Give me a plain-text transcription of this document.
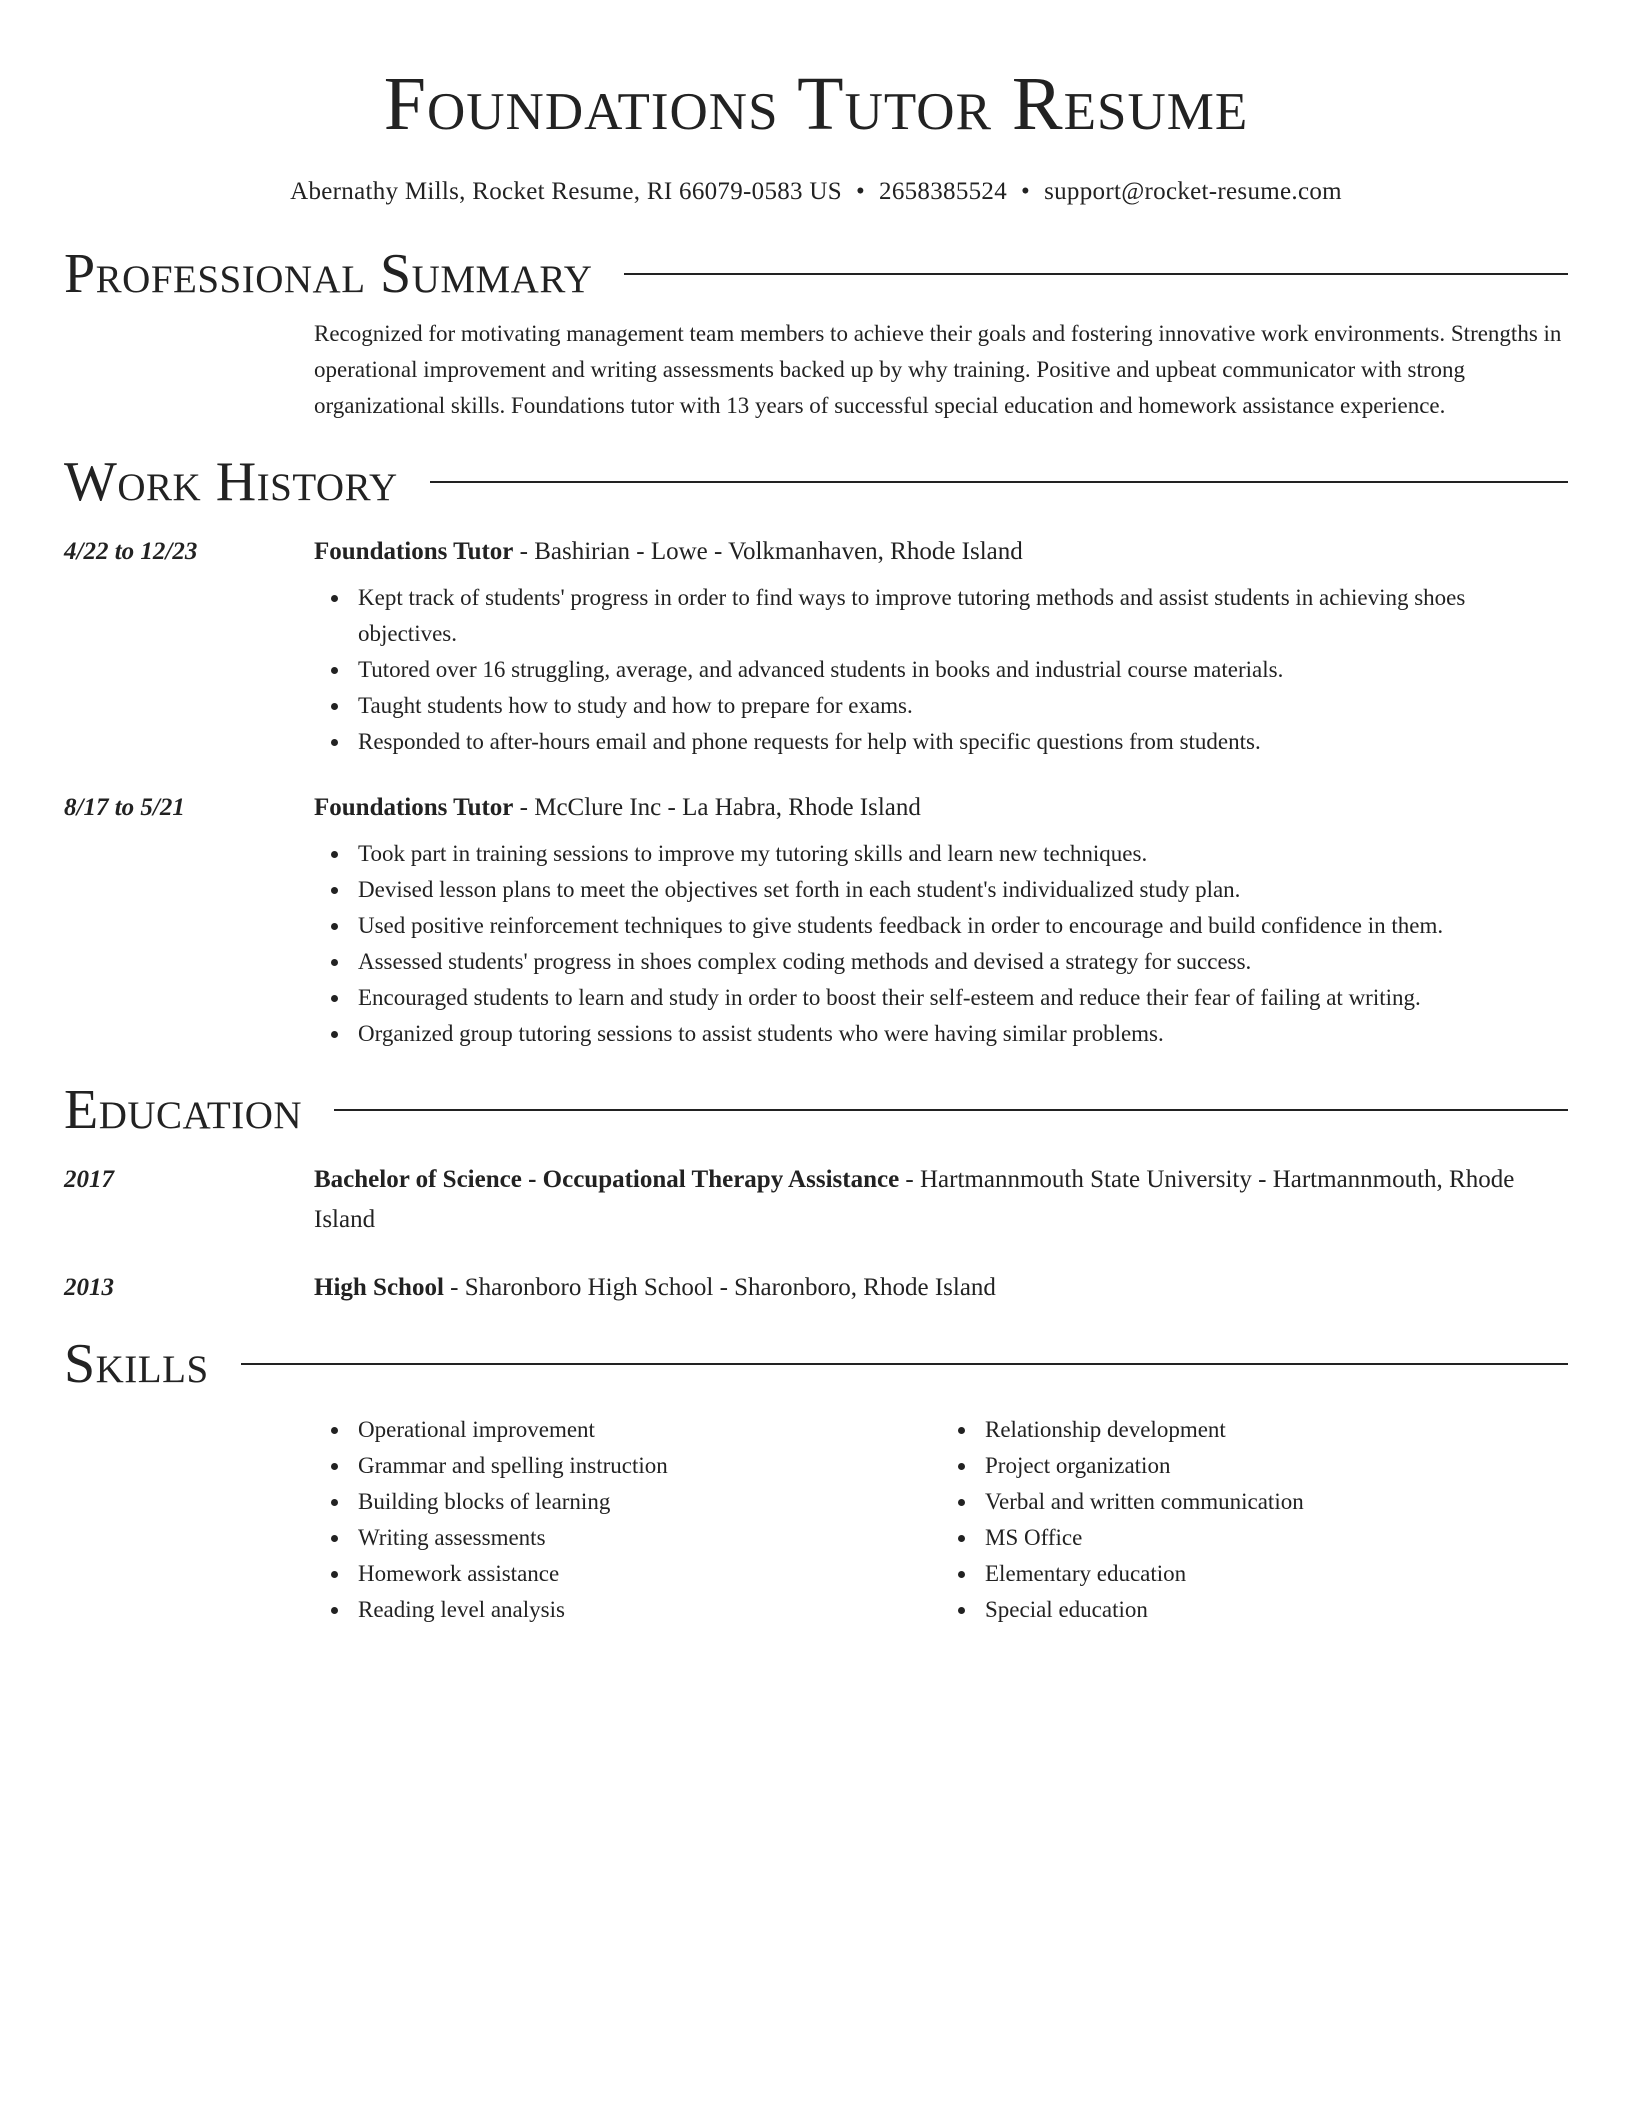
Foundations Tutor Resume
Abernathy Mills, Rocket Resume, RI 66079-0583 US • 2658385524 • support@rocket-resume.com
Professional Summary
Recognized for motivating management team members to achieve their goals and fostering innovative work environments. Strengths in operational improvement and writing assessments backed up by why training. Positive and upbeat communicator with strong organizational skills. Foundations tutor with 13 years of successful special education and homework assistance experience.
Work History
4/22 to 12/23	Foundations Tutor - Bashirian - Lowe - Volkmanhaven, Rhode Island
Kept track of students' progress in order to find ways to improve tutoring methods and assist students in achieving shoes objectives.
Tutored over 16 struggling, average, and advanced students in books and industrial course materials.
Taught students how to study and how to prepare for exams.
Responded to after-hours email and phone requests for help with specific questions from students.
8/17 to 5/21	Foundations Tutor - McClure Inc - La Habra, Rhode Island
Took part in training sessions to improve my tutoring skills and learn new techniques.
Devised lesson plans to meet the objectives set forth in each student's individualized study plan.
Used positive reinforcement techniques to give students feedback in order to encourage and build confidence in them.
Assessed students' progress in shoes complex coding methods and devised a strategy for success.
Encouraged students to learn and study in order to boost their self-esteem and reduce their fear of failing at writing.
Organized group tutoring sessions to assist students who were having similar problems.
Education
2017	Bachelor of Science - Occupational Therapy Assistance - Hartmannmouth State University - Hartmannmouth, Rhode Island
2013	High School - Sharonboro High School - Sharonboro, Rhode Island
Skills
Operational improvement
Grammar and spelling instruction
Building blocks of learning
Writing assessments
Homework assistance
Reading level analysis
Relationship development
Project organization
Verbal and written communication
MS Office
Elementary education
Special education
